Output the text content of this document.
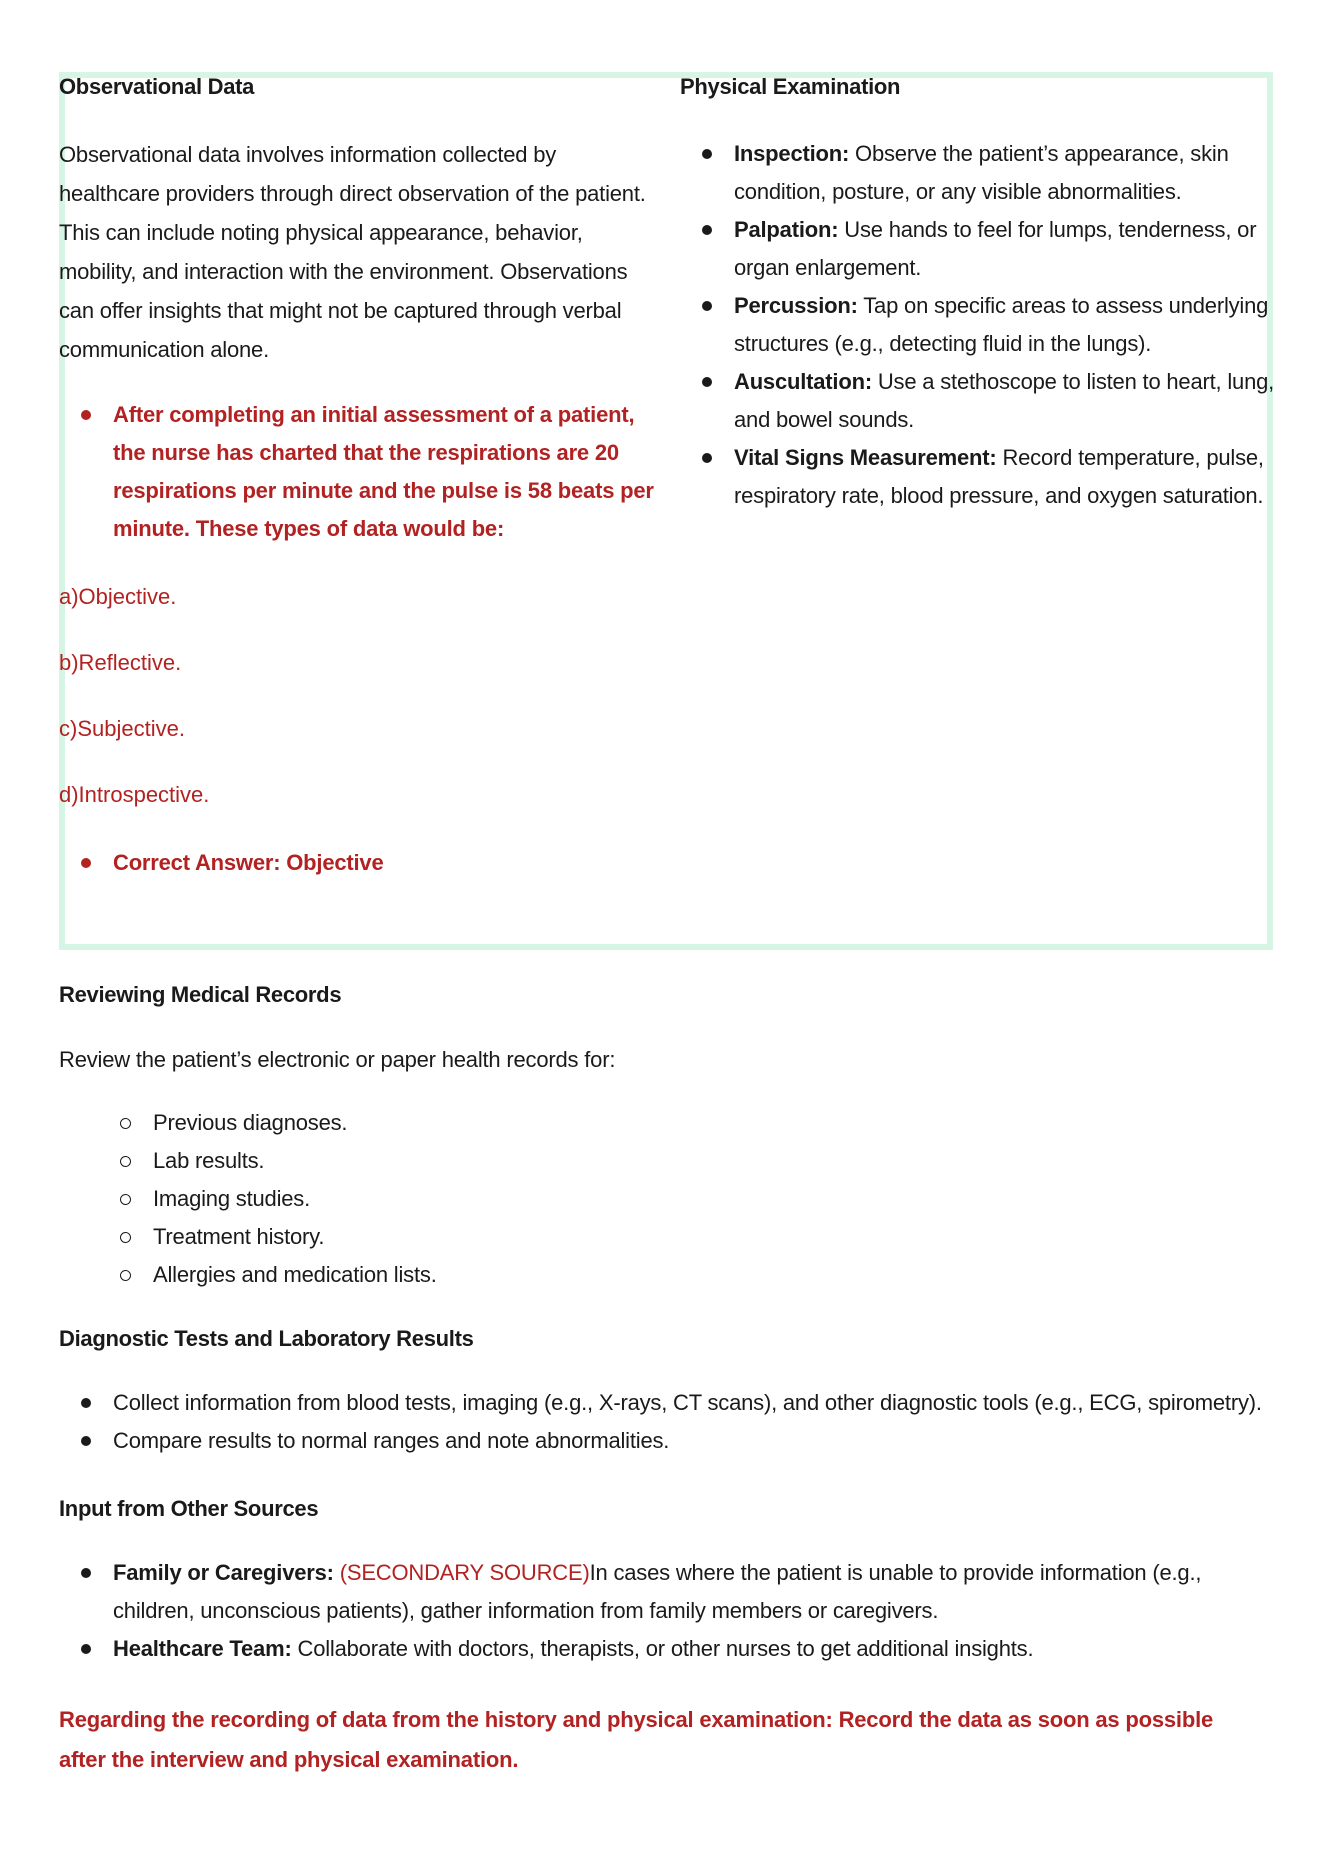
Observational Data

Observational data involves information collected by healthcare providers through direct observation of the patient. This can include noting physical appearance, behavior, mobility, and interaction with the environment. Observations can offer insights that might not be captured through verbal communication alone.

After completing an initial assessment of a patient, the nurse has charted that the respirations are 20 respirations per minute and the pulse is 58 beats per minute. These types of data would be:

a)Objective.

b)Reflective.

c)Subjective.

d)Introspective.

Correct Answer: Objective

Physical Examination

Inspection: Observe the patient’s appearance, skin condition, posture, or any visible abnormalities.
Palpation: Use hands to feel for lumps, tenderness, or organ enlargement.
Percussion: Tap on specific areas to assess underlying structures (e.g., detecting fluid in the lungs).
Auscultation: Use a stethoscope to listen to heart, lung, and bowel sounds.
Vital Signs Measurement: Record temperature, pulse, respiratory rate, blood pressure, and oxygen saturation.

Reviewing Medical Records

Review the patient’s electronic or paper health records for:

Previous diagnoses.
Lab results.
Imaging studies.
Treatment history.
Allergies and medication lists.

Diagnostic Tests and Laboratory Results

Collect information from blood tests, imaging (e.g., X-rays, CT scans), and other diagnostic tools (e.g., ECG, spirometry).
Compare results to normal ranges and note abnormalities.

Input from Other Sources

Family or Caregivers: (SECONDARY SOURCE)In cases where the patient is unable to provide information (e.g., children, unconscious patients), gather information from family members or caregivers.
Healthcare Team: Collaborate with doctors, therapists, or other nurses to get additional insights.

Regarding the recording of data from the history and physical examination: Record the data as soon as possible after the interview and physical examination.
